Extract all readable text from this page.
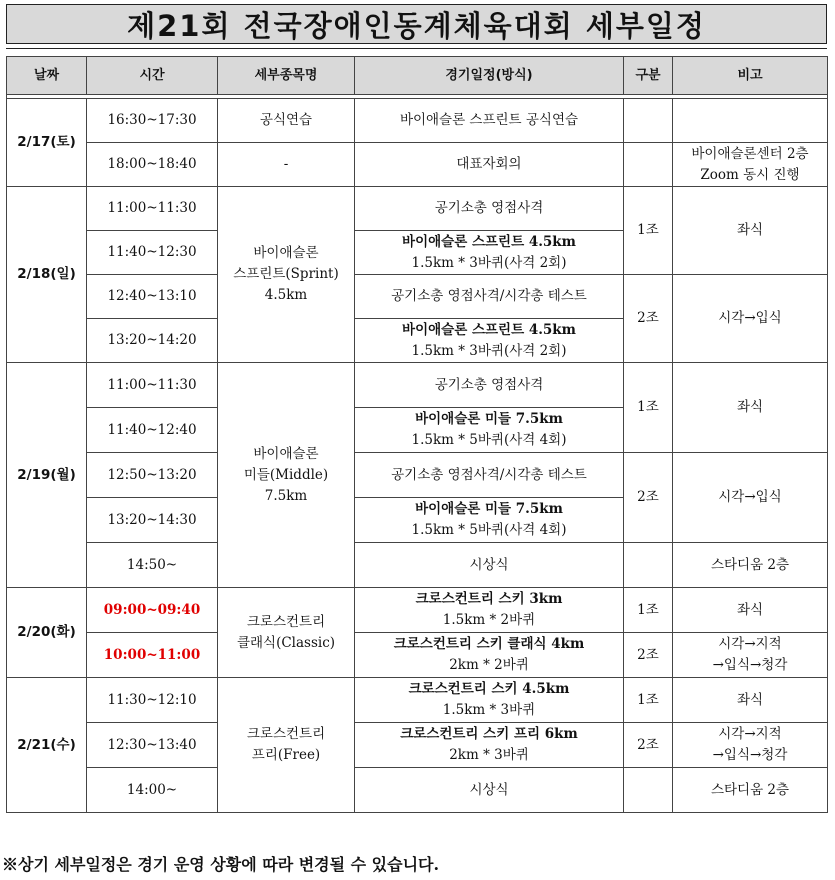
제21회 전국장애인동계체육대회 세부일정
날짜	시간	세부종목명	경기일정(방식)	구분	비고

2/17(토)	16:30~17:30	공식연습	바이애슬론 스프린트 공식연습		
	18:00~18:40	-	대표자회의		바이애슬론센터 2층
Zoom 동시 진행
2/18(일)	11:00~11:30	바이애슬론
스프린트(Sprint)
4.5km	공기소총 영점사격	1조	좌식
	11:40~12:30		바이애슬론 스프린트 4.5km
1.5km * 3바퀴(사격 2회)		

	12:40~13:10		공기소총 영점사격/시각총 테스트	2조	시각→입식
	13:20~14:20		바이애슬론 스프린트 4.5km
1.5km * 3바퀴(사격 2회)		

2/19(월)	11:00~11:30	바이애슬론
미들(Middle)
7.5km	공기소총 영점사격	1조	좌식
	11:40~12:40		바이애슬론 미들 7.5km
1.5km * 5바퀴(사격 4회)		

	12:50~13:20		공기소총 영점사격/시각총 테스트	2조	시각→입식
	13:20~14:30		바이애슬론 미들 7.5km
1.5km * 5바퀴(사격 4회)		

	14:50~		시상식		스타디움 2층
2/20(화)	09:00~09:40	크로스컨트리
클래식(Classic)	크로스컨트리 스키 3km
1.5km * 2바퀴	1조	좌식
	10:00~11:00		크로스컨트리 스키 클래식 4km
2km * 2바퀴	2조	시각→지적
→입식→청각
2/21(수)	11:30~12:10	크로스컨트리
프리(Free)	크로스컨트리 스키 4.5km
1.5km * 3바퀴	1조	좌식
	12:30~13:40		크로스컨트리 스키 프리 6km
2km * 3바퀴	2조	시각→지적
→입식→청각
	14:00~		시상식		스타디움 2층
※상기 세부일정은 경기 운영 상황에 따라 변경될 수 있습니다.
